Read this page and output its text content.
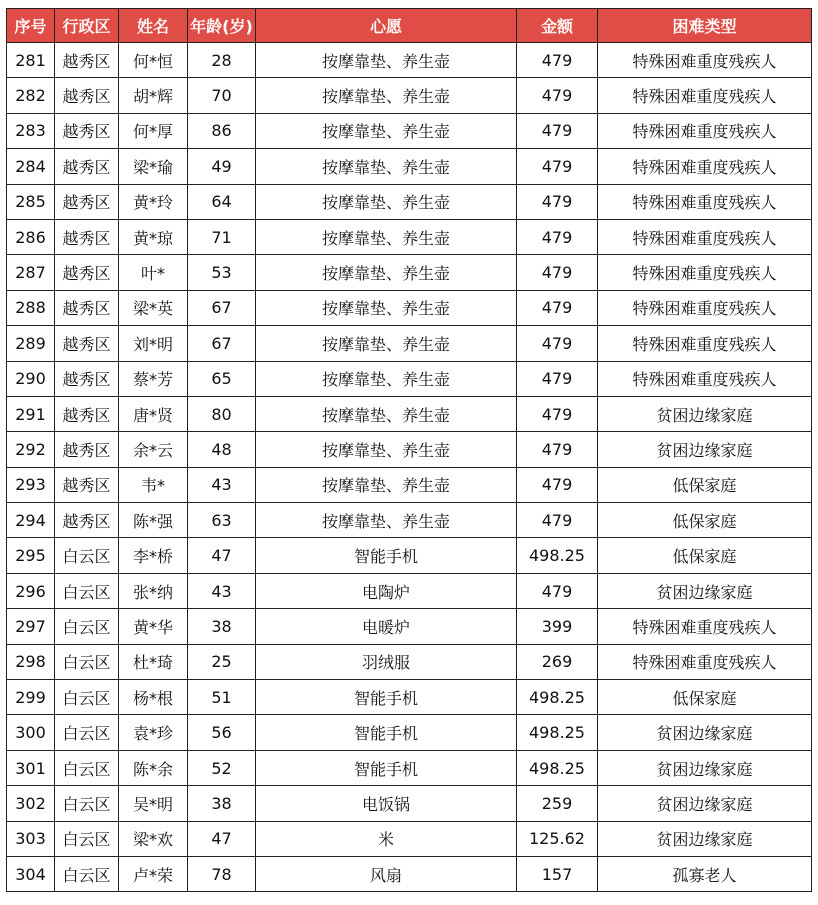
序号	行政区	姓名	年龄(岁)	心愿	金额	困难类型
281	越秀区	何*恒	28	按摩靠垫、养生壶	479	特殊困难重度残疾人
282	越秀区	胡*辉	70	按摩靠垫、养生壶	479	特殊困难重度残疾人
283	越秀区	何*厚	86	按摩靠垫、养生壶	479	特殊困难重度残疾人
284	越秀区	梁*瑜	49	按摩靠垫、养生壶	479	特殊困难重度残疾人
285	越秀区	黄*玲	64	按摩靠垫、养生壶	479	特殊困难重度残疾人
286	越秀区	黄*琼	71	按摩靠垫、养生壶	479	特殊困难重度残疾人
287	越秀区	叶*	53	按摩靠垫、养生壶	479	特殊困难重度残疾人
288	越秀区	梁*英	67	按摩靠垫、养生壶	479	特殊困难重度残疾人
289	越秀区	刘*明	67	按摩靠垫、养生壶	479	特殊困难重度残疾人
290	越秀区	蔡*芳	65	按摩靠垫、养生壶	479	特殊困难重度残疾人
291	越秀区	唐*贤	80	按摩靠垫、养生壶	479	贫困边缘家庭
292	越秀区	余*云	48	按摩靠垫、养生壶	479	贫困边缘家庭
293	越秀区	韦*	43	按摩靠垫、养生壶	479	低保家庭
294	越秀区	陈*强	63	按摩靠垫、养生壶	479	低保家庭
295	白云区	李*桥	47	智能手机	498.25	低保家庭
296	白云区	张*纳	43	电陶炉	479	贫困边缘家庭
297	白云区	黄*华	38	电暖炉	399	特殊困难重度残疾人
298	白云区	杜*琦	25	羽绒服	269	特殊困难重度残疾人
299	白云区	杨*根	51	智能手机	498.25	低保家庭
300	白云区	袁*珍	56	智能手机	498.25	贫困边缘家庭
301	白云区	陈*余	52	智能手机	498.25	贫困边缘家庭
302	白云区	吴*明	38	电饭锅	259	贫困边缘家庭
303	白云区	梁*欢	47	米	125.62	贫困边缘家庭
304	白云区	卢*荣	78	风扇	157	孤寡老人
